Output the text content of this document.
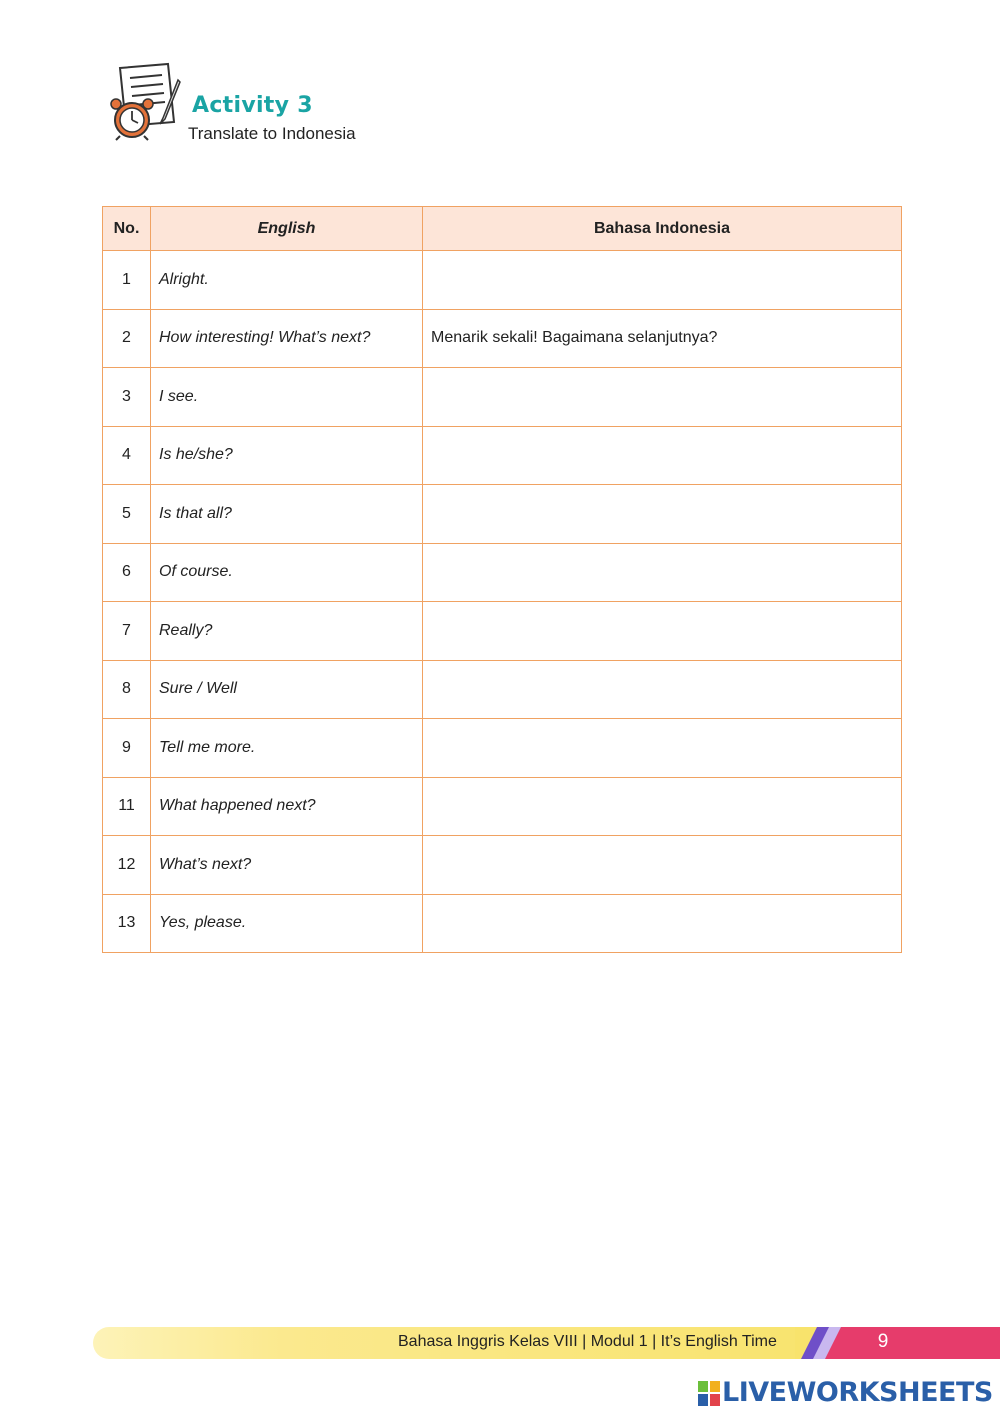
Activity 3
Translate to Indonesia
No.	English	Bahasa Indonesia
1	Alright.	
2	How interesting! What’s next?	Menarik sekali! Bagaimana selanjutnya?
3	I see.	
4	Is he/she?	
5	Is that all?	
6	Of course.	
7	Really?	
8	Sure / Well	
9	Tell me more.	
11	What happened next?	
12	What’s next?	
13	Yes, please.	
Bahasa Inggris Kelas VIII | Modul 1 | It’s English Time	9
LIVEWORKSHEETS
